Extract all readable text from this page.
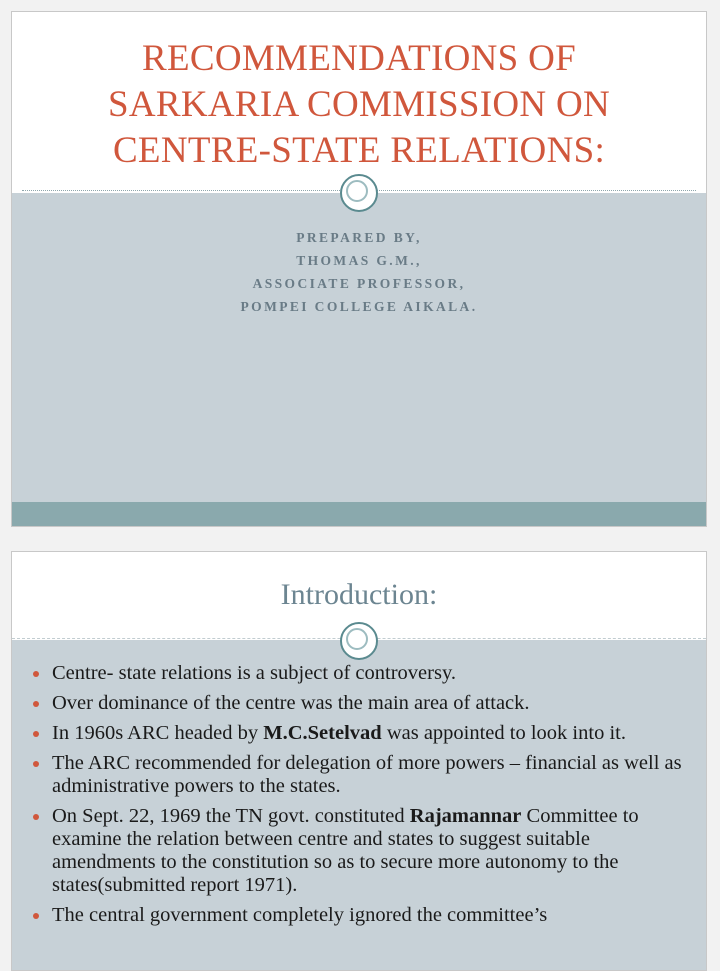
RECOMMENDATIONS OF
SARKARIA COMMISSION ON
CENTRE-STATE RELATIONS:
PREPARED BY,
THOMAS G.M.,
ASSOCIATE PROFESSOR,
POMPEI COLLEGE AIKALA.
Introduction:
Centre- state relations is a subject of controversy.
Over dominance of the centre was the main area of attack.
In 1960s ARC headed by M.C.Setelvad was appointed to look into it.
The ARC recommended for delegation of more powers – financial as well as administrative powers to the states.
On Sept. 22, 1969 the TN govt. constituted Rajamannar Committee to examine the relation between centre and states to suggest suitable amendments to the constitution so as to secure more autonomy to the states(submitted report 1971).
The central government completely ignored the committee’s
